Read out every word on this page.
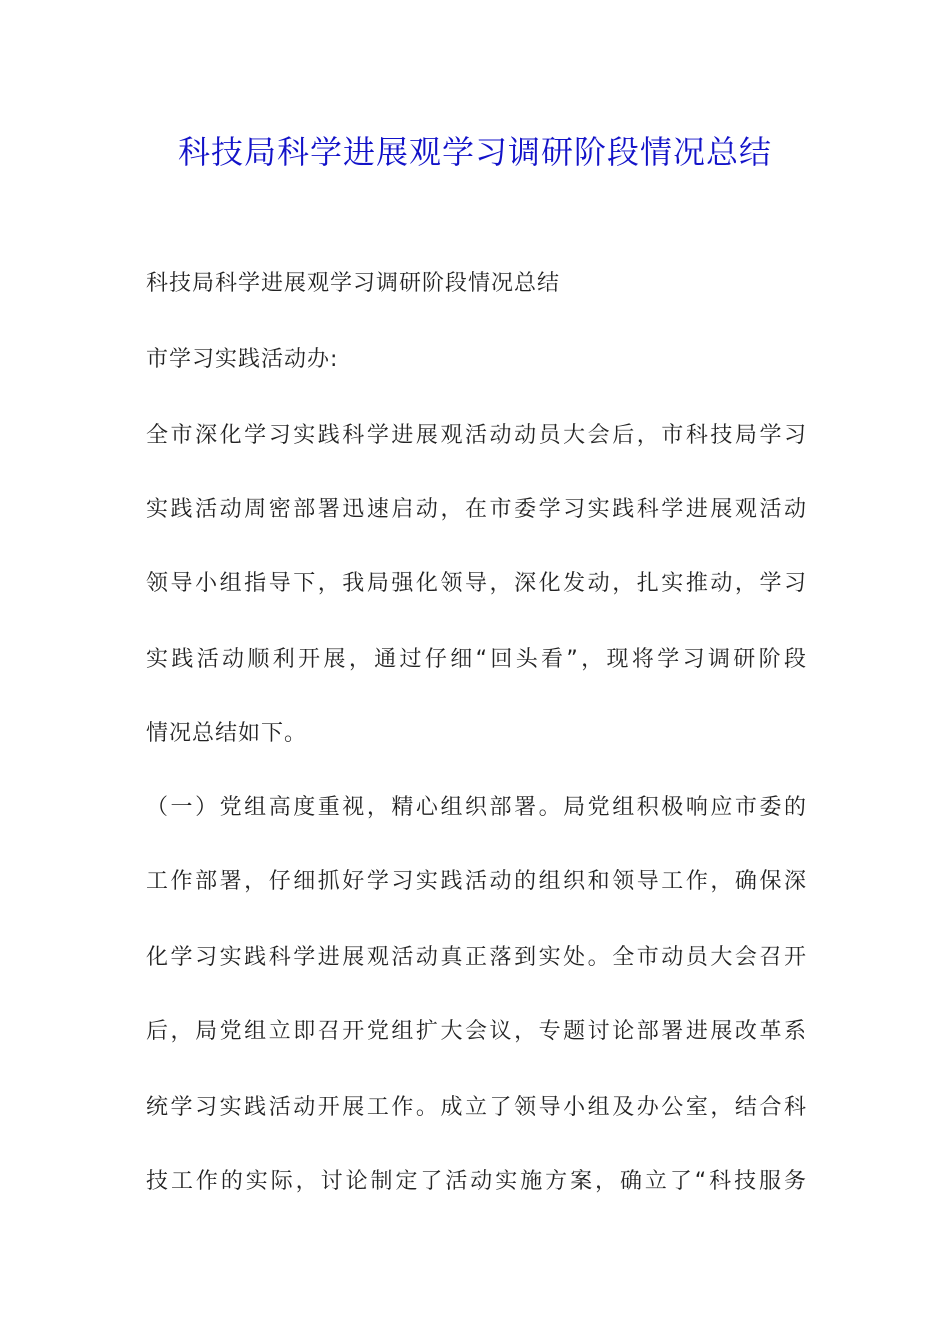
科技局科学进展观学习调研阶段情况总结
科技局科学进展观学习调研阶段情况总结
市学习实践活动办:
全市深化学习实践科学进展观活动动员大会后，市科技局学习
实践活动周密部署迅速启动，在市委学习实践科学进展观活动
领导小组指导下，我局强化领导，深化发动，扎实推动，学习
实践活动顺利开展，通过仔细“回头看”，现将学习调研阶段
情况总结如下。
（一）党组高度重视，精心组织部署。局党组积极响应市委的
工作部署，仔细抓好学习实践活动的组织和领导工作，确保深
化学习实践科学进展观活动真正落到实处。全市动员大会召开
后，局党组立即召开党组扩大会议，专题讨论部署进展改革系
统学习实践活动开展工作。成立了领导小组及办公室，结合科
技工作的实际，讨论制定了活动实施方案，确立了“科技服务
